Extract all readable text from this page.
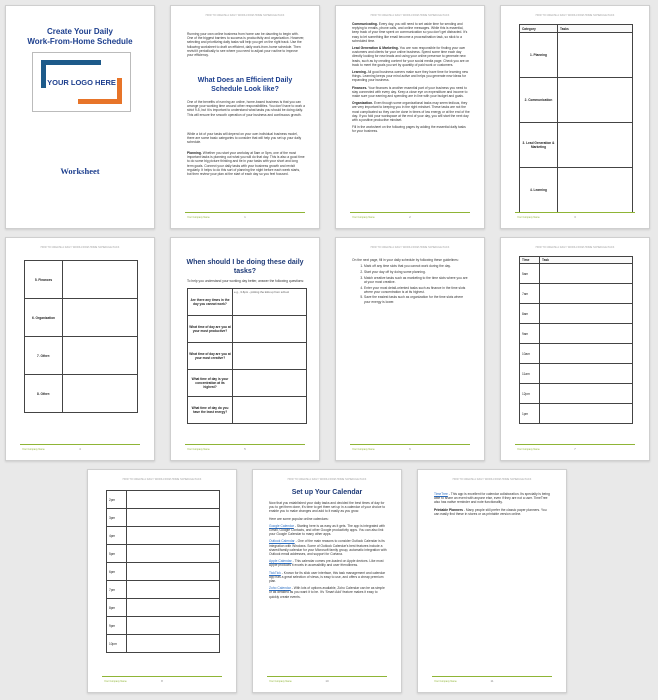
Create Your Daily
Work-From-Home Schedule
YOUR LOGO HERE
Worksheet
HOW TO CREATE A DAILY WORK-FROM-HOME SCHEDULE PACK
Running your own online business from home can be daunting to begin with. One of the biggest barriers to success is productivity and organization. However, selecting and prioritizing daily tasks will help you get on the right track. Use the following worksheet to draft an efficient, daily work-from-home schedule. Then revisit it periodically to see where you need to adjust your routine to improve your efficiency.
What Does an Efficient Daily Schedule Look like?
One of the benefits of running an online, home-based business is that you can arrange your working time around other responsibilities. You don't have to work a strict 9-5, but it is important to understand what tasks you should be doing daily. This will ensure the smooth operation of your business and continuous growth.
While a lot of your tasks will depend on your own individual business model, there are some basic categories to consider that will help you set up your daily schedule.
Planning. Whether you start your workday at 5am or 5pm, one of the most important tasks is planning out what you will do that day. This is also a good time to do some big picture thinking and tie in your tasks with your short and long term goals. Connect your daily tasks with your business growth and revisit regularly. It helps to do this sort of planning the night before each week starts, but then review your plan at the start of each day so you feel focused.
Your Company Name	1
HOW TO CREATE A DAILY WORK-FROM-HOME SCHEDULE PACK

Communicating. Every day, you will need to set aside time for sending and replying to emails, phone calls, and online messages. While this is essential, keep track of your time spent on communication so you don't get distracted. It's easy to let something like email become a procrastination task, so stick to a scheduled time.

Lead Generation & Marketing. You are now responsible for finding your own customers and clients for your online business. Spend some time each day directly looking for new leads and using your online presence to generate new leads, such as by creating content for your social media page. Check you are on track to meet the goals you set by quantity of paid work or customers.

Learning. All good business owners make sure they have time for learning new things. Learning keeps your mind active and helps you generate new ideas for expanding your business.

Finances. Your finances is another essential part of your business you need to stay connected with every day. Keep a close eye on expenditure and income to make sure your earning and spending are in line with your budget and goals.

Organization. Even though some organizational tasks may seem tedious, they are very important to keeping you in the right mindset. These tasks are not the most complicated so they can be done in times of low energy or at the end of the day. If you fold your workspace at the end of your day, you will start the next day with a positive productive mindset.

Fill in the worksheet on the following pages by adding the essential daily tasks for your business.

Your Company Name	2
HOW TO CREATE A DAILY WORK-FROM-HOME SCHEDULE PACK
Category	Tasks
1. Planning	
2. Communication	
3. Lead Generation & Marketing	
4. Learning	
Your Company Name	3
HOW TO CREATE A DAILY WORK-FROM-HOME SCHEDULE PACK
5. Finances	
6. Organization	
7. Other:	
8. Other:	
Your Company Name	4
When should I be doing these daily tasks?
To help you understand your working day better, answer the following questions:
Are there any times in the day you cannot work?	e.g., 3-6pm - picking the kids up from school
What time of day are you at your most productive?	
What time of day are you at your most creative?	
What time of day is your concentration at its highest?	
What time of day do you have the least energy?	
Your Company Name	5
HOW TO CREATE A DAILY WORK-FROM-HOME SCHEDULE PACK

On the next page, fill in your daily schedule by following these guidelines:

1. Mark off any time slots that you cannot work during the day.
2. Start your day off by doing some planning.
3. Match creative tasks such as marketing to the time slots where you are at your most creative.
4. Enter your most detail-oriented tasks such as finance in the time slots where your concentration is at its highest.
5. Save the easiest tasks such as organization for the time slots where your energy is lower.
Your Company Name	6
HOW TO CREATE A DAILY WORK-FROM-HOME SCHEDULE PACK
Time	Task
5am	
7am	
8am	
9am	
10am	
11am	
12pm	
1pm	
Your Company Name	7
HOW TO CREATE A DAILY WORK-FROM-HOME SCHEDULE PACK
2pm	
3pm	
4pm	
5pm	
6pm	
7pm	
8pm	
9pm	
10pm	
Your Company Name	8
HOW TO CREATE A DAILY WORK-FROM-HOME SCHEDULE PACK
Set up Your Calendar

Now that you established your daily tasks and decided the best times of day for you to get them done, it's time to get them set up in a calendar of your choice to enable you to make changes and add to it easily as you grow.

Here are some popular online calendars:

Google Calendar - Starting here is as easy as it gets. The app is integrated with Gmail, Google Contacts, and other Google productivity apps. You can also link your Google Calendar to many other apps.

Outlook Calendar - One of the main reasons to consider Outlook Calendar is its integration with Windows. Some of Outlook Calendar's best features include a shared/family calendar for your Microsoft family group, automatic integration with Outlook email addresses, and support for Cortana.

Apple Calendar - This calendar comes pre-loaded on Apple devices. Like most Apple products it excels in accessibility and user friendliness.

TickTick - Known for its slick user interface, this task management and calendar app has a great selection of views, is easy to use, and offers a cheap premium plan.

Zoho Calendar - With lots of options available, Zoho Calendar can be as simple or as detailed as you want it to be. It's 'Smart Add' feature makes it easy to quickly create events.

Your Company Name	10
HOW TO CREATE A DAILY WORK-FROM-HOME SCHEDULE PACK

TimeTree - This app is excellent for calendar collaboration. Its specialty is being able to share an event with anyone else, even if they are not a user. TimeTree also has native reminder and note functionality.

Printable Planners - Many people still prefer the classic paper planners. You can easily find these in stores or as printable version online.

Your Company Name	11
